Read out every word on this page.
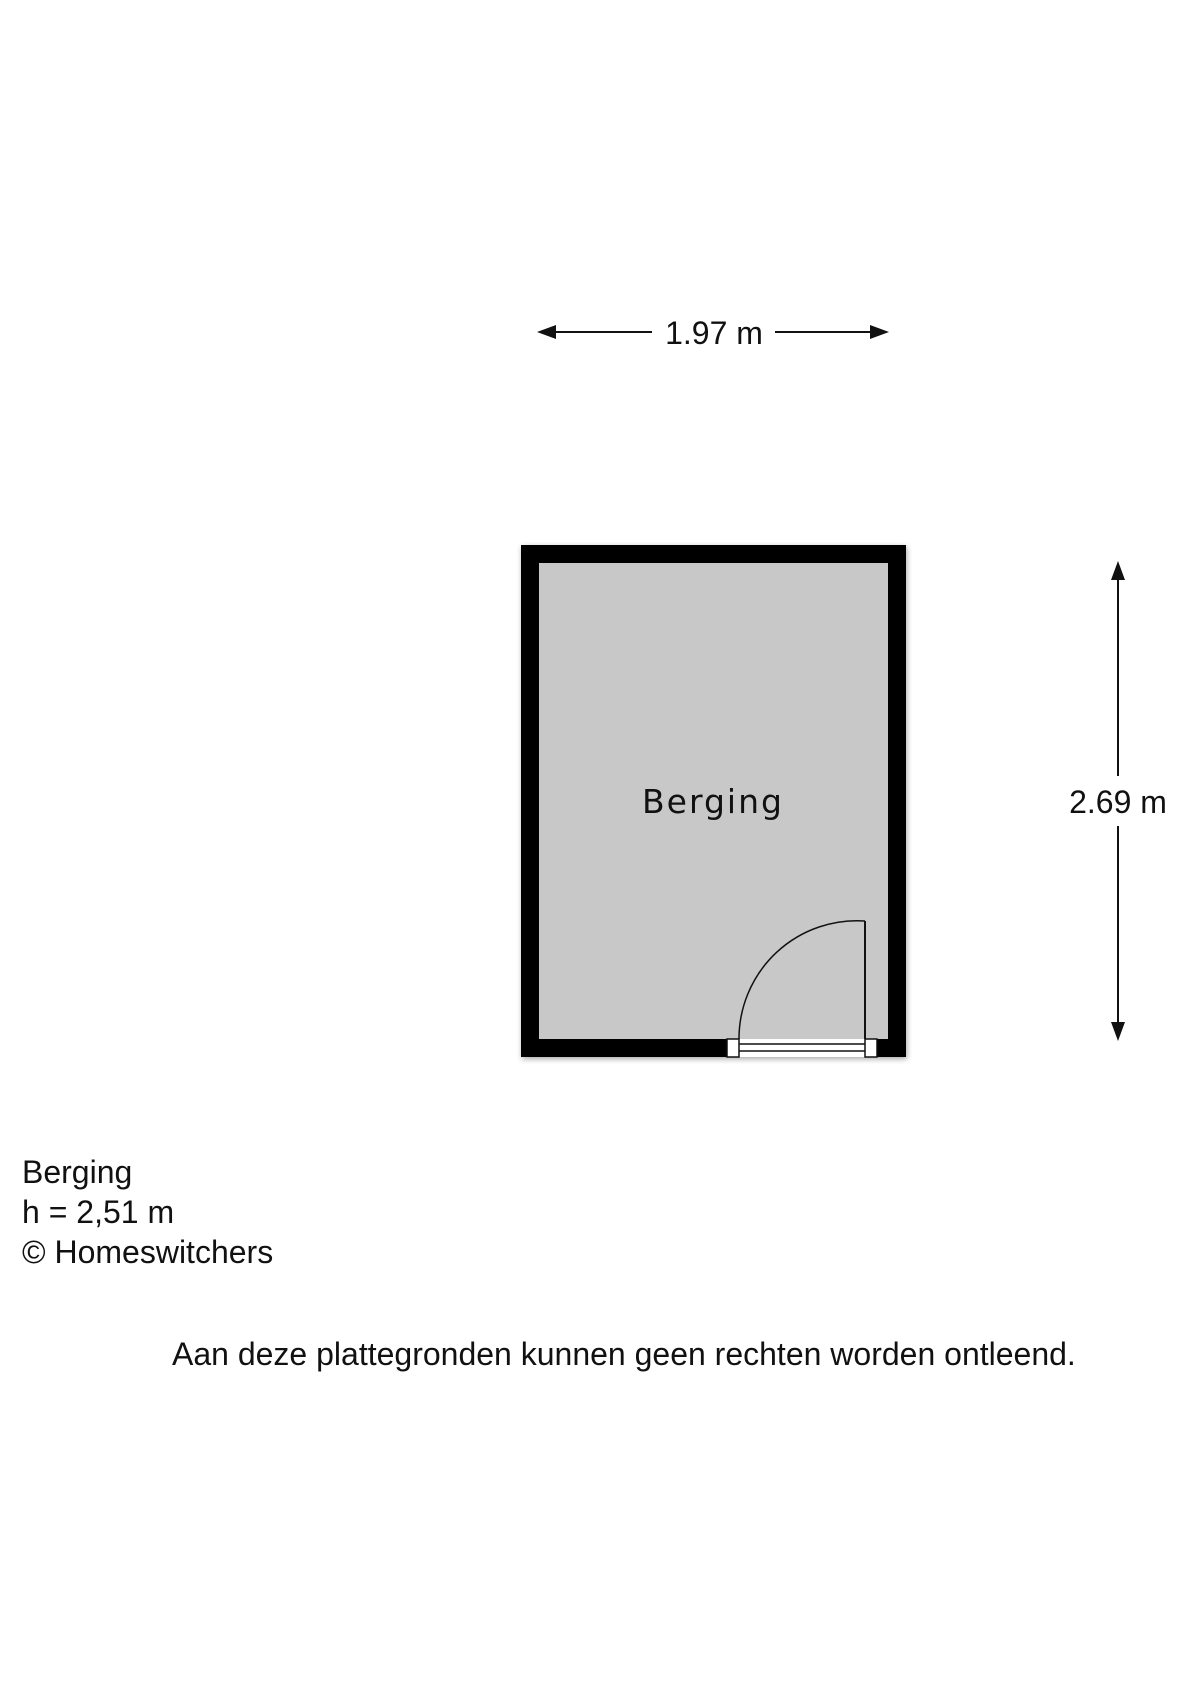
1.97 m
2.69 m
Berging
Berging
h = 2,51 m
© Homeswitchers
Aan deze plattegronden kunnen geen rechten worden ontleend.
